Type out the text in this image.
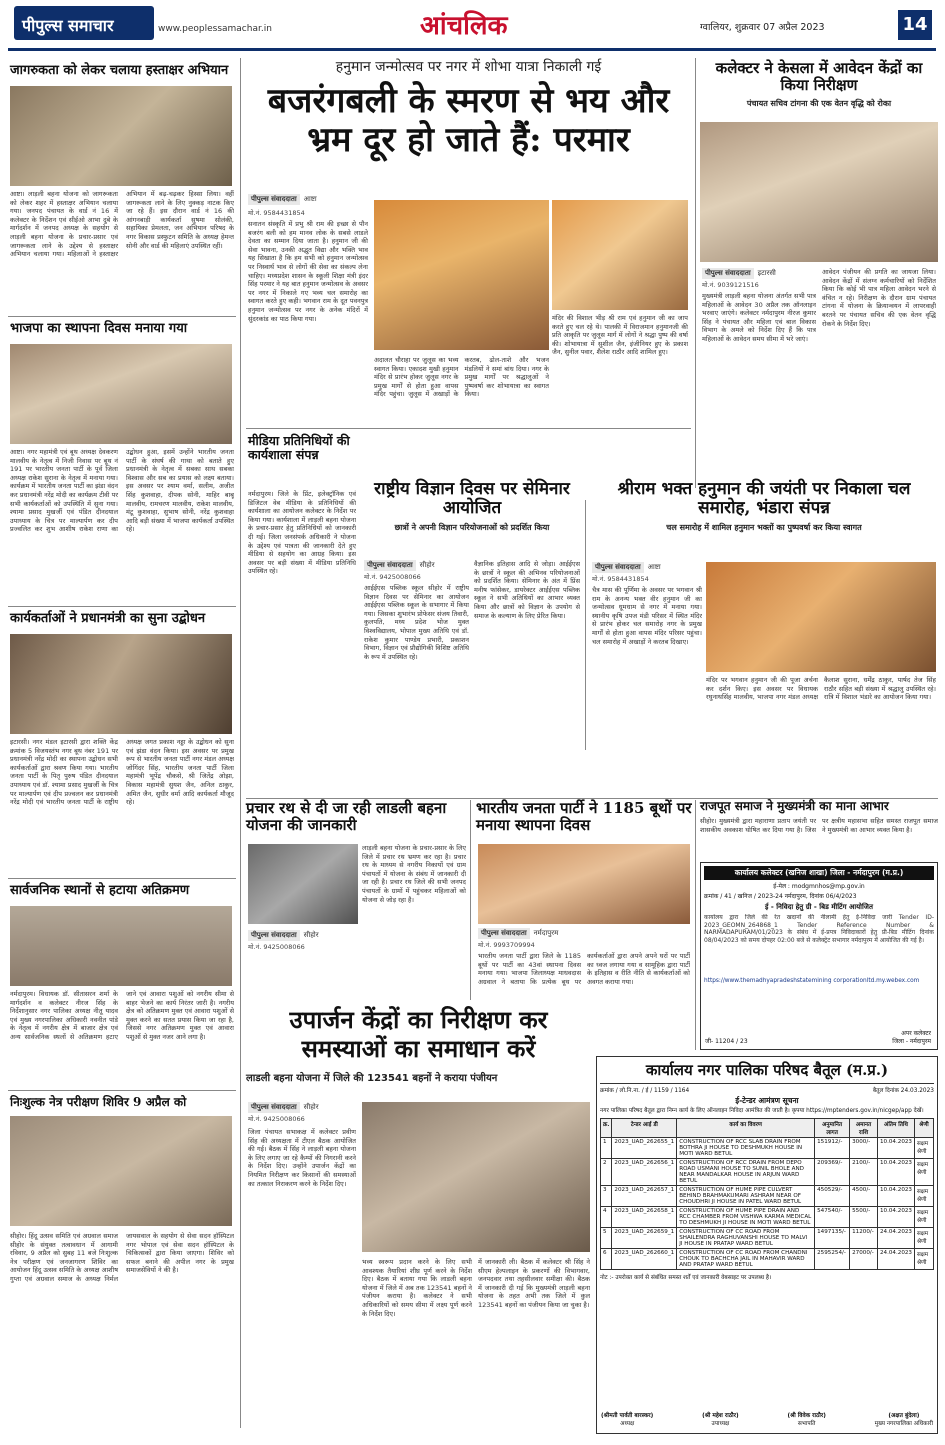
पीपुल्स समाचार	www.peoplessamachar.in	आंचलिक	ग्वालियर, शुक्रवार 07 अप्रैल 2023	14
जागरुकता को लेकर चलाया हस्ताक्षर अभियान
आष्टा। लाड़ली बहना योजना को जागरूकता को लेकर शहर में हस्ताक्षर अभियान चलाया गया। जनपद पंचायत के वार्ड नं 16 में कलेक्टर के निर्देशन एवं सीईओ आभा दुबे के मार्गदर्शन में जनपद अध्यक्ष के सहयोग से लाड़ली बहना योजना के प्रचार-प्रसार एवं जागरूकता लाने के उद्देश्य से हस्ताक्षर अभियान चलाया गया। महिलाओं ने हस्ताक्षर अभियान में बढ़-चढ़कर हिस्सा लिया। वहीं जागरूकता लाने के लिए नुक्कड़ नाटक किए जा रहे हैं। इस दौरान वार्ड नं 16 की आंगनबाड़ी कार्यकर्ता सुषमा सोलंकी, सहायिका प्रेमलता, जन अभियान परिषद के नगर विकास प्रस्फुटन समिति के अध्यक्ष हेमन्त सोनी और वार्ड की महिलाएं उपस्थित रहीं।
भाजपा का स्थापना दिवस मनाया गया
आष्टा। नगर महामंत्री एवं बूथ अध्यक्ष देवकरण मालवीय के नेतृत्व में निजी निवास पर बूथ नं 191 पर भारतीय जनता पार्टी के पूर्व जिला अध्यक्ष राकेश सुराना के नेतृत्व में मनाया गया। कार्यक्रम में भारतीय जनता पार्टी का झंडा वंदन कर प्रधानमंत्री नरेंद्र मोदी का कार्यक्रम टीवी पर सभी कार्यकर्ताओं को उपस्थिति में सुना गया। श्यामा प्रसाद मुखर्जी एवं पंडित दीनदयाल उपाध्याय के चित्र पर माल्यार्पण कर दीप प्रज्वलित कर शुभ आशीष राकेश राणा का उद्बोधन हुआ, इसमें उन्होंने भारतीय जनता पार्टी के संघर्ष की गाथा को बताते हुए प्रधानमंत्री के नेतृत्व में सबका साथ सबका विश्वास और सब का प्रयास को लक्ष्य बताया। इस अवसर पर श्याम वर्मा, सलीम, अजीत सिंह कुशवाहा, दीपक सोनी, माहिर बाबू मालवीय, रामचरण मालवीय, राकेश मालवीय, मंटू कुशवाहा, सुभाष सोनी, नरेंद्र कुशवाहा आदि बड़ी संख्या में भाजपा कार्यकर्ता उपस्थित रहे।
कार्यकर्ताओं ने प्रधानमंत्री का सुना उद्बोधन
इटारसी। नगर मंडल इटारसी द्वारा शक्ति केंद्र क्रमांक 5 विजयस्तंभ नगर बूथ नंबर 191 पर प्रधानमंत्री नरेंद्र मोदी का स्थापना उद्बोधन सभी कार्यकर्ताओं द्वारा श्रवण किया गया। भारतीय जनता पार्टी के पितृ पुरुष पंडित दीनदयाल उपाध्याय एवं डॉ. श्यामा प्रसाद मुखर्जी के चित्र पर माल्यार्पण एवं दीप प्रज्वलन कर प्रधानमंत्री नरेंद्र मोदी एवं भारतीय जनता पार्टी के राष्ट्रीय अध्यक्ष जगत प्रकाश नड्डा के उद्बोधन को सुना एवं झंडा वंदन किया। इस अवसर पर प्रमुख रूप से भारतीय जनता पार्टी नगर मंडल अध्यक्ष जोगिंदर सिंह, भारतीय जनता पार्टी जिला महामंत्री भूपेंद्र चौकसे, श्री जितेंद्र ओझा, विकास महामंत्री सुयश जैन, अनिल ठाकुर, अमित जैन, सुधीर वर्मा आदि कार्यकर्ता मौजूद रहे।
सार्वजनिक स्थानों से हटाया अतिक्रमण
नर्मदापुरम। विधायक डॉ. सीतासरन शर्मा के मार्गदर्शन व कलेक्टर नीरज सिंह के निर्देशानुसार नगर पालिका अध्यक्ष नीतू यादव एवं मुख्य नगरपालिका अधिकारी नवनीत पांडे के नेतृत्व में नगरीय क्षेत्र में बाजार क्षेत्र एवं अन्य सार्वजनिक स्थलों से अतिक्रमण हटाए जाने एवं आवारा पशुओं को नगरीय सीमा से बाहर भेजने का कार्य निरंतर जारी है। नगरीय क्षेत्र को अतिक्रमण मुक्त एवं आवारा पशुओं से मुक्त करने का सतत प्रयास किया जा रहा है, जिससे नगर अतिक्रमण मुक्त एवं आवारा पशुओं से मुक्त नजर आने लगा है।
निःशुल्क नेत्र परीक्षण शिविर 9 अप्रैल को
सीहोर। हिंदू उत्सव समिति एवं अग्रवाल समाज सीहोर के संयुक्त तत्वावधान में आगामी रविवार, 9 अप्रैल को सुबह 11 बजे निःशुल्क नेत्र परीक्षण एवं जनजागरण शिविर का आयोजन हिंदू उत्सव समिति के अध्यक्ष आशीष गुप्ता एवं अग्रवाल समाज के अध्यक्ष निर्मल जायसवाल के सहयोग से सेवा सदन हॉस्पिटल नगर भोपाल एवं सेवा सदन हॉस्पिटल के चिकित्सकों द्वारा किया जाएगा। शिविर को सफल बनाने की अपील नगर के प्रमुख समाजसेवियों ने की है।
हनुमान जन्मोत्सव पर नगर में शोभा यात्रा निकाली गई
बजरंगबली के स्मरण से भय और भ्रम दूर हो जाते हैं: परमार
पीपुल्स संवाददाता	आष्टा
मो.नं. 9584431854
सनातन संस्कृति में प्रभु श्री राम की इच्छा से पौन बजरंग बली को हम मानव लोक के सबसे लाडले देवता का सम्मान दिया जाता है। हनुमान जी की सेवा भावना, उनकी अद्भुत विद्या और भक्ति भाव यह सिखाता है कि हम सभी को हनुमान जन्मोत्सव पर निस्वार्थ भाव से लोगों की सेवा का संकल्प लेना चाहिए। मध्यप्रदेश शासन के स्कूली शिक्षा मंत्री इंदर सिंह परमार ने यह बात हनुमान जन्मोत्सव के अवसर पर नगर में निकाले गए भव्य चल समारोह का स्वागत करते हुए कही। भगवान राम के दूत पवनपुत्र हनुमान जन्मोत्सव पर नगर के अनेक मंदिरों में सुंदरकांड का पाठ किया गया।
अदालत चौराहा पर जुलूस का भव्य स्वागत किया। एकादश मुखी हनुमान मंदिर से प्रारंभ होकर जुलूस नगर के प्रमुख मार्गों से होता हुआ वापस मंदिर पहुंचा। जुलूस में अखाड़ों के करतब, ढोल-ताशे और भजन मंडलियों ने समां बांध दिया। नगर के प्रमुख मार्गों पर श्रद्धालुओं ने पुष्पवर्षा कर शोभायात्रा का स्वागत किया।
मंदिर की विशाल भीड़ श्री राम एवं हनुमान जी का जाप करते हुए चल रहे थे। पालकी में विराजमान हनुमानजी की प्रति आकृति पर जुलूस मार्ग में लोगों ने श्रद्धा पुष्प की वर्षा की। शोभायात्रा में सुशील जैन, इंजीनियर हुए के प्रकाश जैन, सुनील पवार, शैलेश राठौर आदि शामिल हुए।
मीडिया प्रतिनिधियों की कार्यशाला संपन्न
नर्मदापुरम। जिले के प्रिंट, इलेक्ट्रॉनिक एवं डिजिटल वेब मीडिया के प्रतिनिधियों की कार्यशाला का आयोजन कलेक्टर के निर्देश पर किया गया। कार्यशाला में लाड़ली बहना योजना के प्रचार-प्रसार हेतु प्रतिनिधियों को जानकारी दी गई। जिला जनसंपर्क अधिकारी ने योजना के उद्देश्य एवं पात्रता की जानकारी देते हुए मीडिया से सहयोग का आग्रह किया। इस अवसर पर बड़ी संख्या में मीडिया प्रतिनिधि उपस्थित रहे।
राष्ट्रीय विज्ञान दिवस पर सेमिनार आयोजित
छात्रों ने अपनी विज्ञान परियोजनाओं को प्रदर्शित किया
पीपुल्स संवाददाता	सीहोर
मो.नं. 9425008066
आईईएस पब्लिक स्कूल सीहोर में राष्ट्रीय विज्ञान दिवस पर सेमिनार का आयोजन आईईएस पब्लिक स्कूल के सभागार में किया गया। जिसका शुभारंभ प्रोफेसर संजय तिवारी, कुलपति, मध्य प्रदेश भोज मुक्त विश्वविद्यालय, भोपाल मुख्य अतिथि एवं डॉ. राकेश कुमार पाण्डेय प्रभारी, प्रकाशन विभाग, विज्ञान एवं प्रौद्योगिकी विशिष्ट अतिथि के रूप में उपस्थित रहे।
वैज्ञानिक इतिहास आदि से जोड़ा। आईईएस के छात्रों ने स्कूल की अभिनव परियोजनाओं को प्रदर्शित किया। सेमिनार के अंत में प्रिंस मनीष फांसेकर, डायरेक्टर आईईएस पब्लिक स्कूल ने सभी अतिथियों का आभार व्यक्त किया और छात्रों को विज्ञान के उपयोग से समाज के कल्याण के लिए प्रेरित किया।
श्रीराम भक्त हनुमान की जयंती पर निकाला चल समारोह, भंडारा संपन्न
चल समारोह में शामिल हनुमान भक्तों का पुष्पवर्षा कर किया स्वागत
पीपुल्स संवाददाता	आष्टा
मो.नं. 9584431854
चैत्र मास की पूर्णिमा के अवसर पर भगवान श्री राम के अनन्य भक्त वीर हनुमान जी का जन्मोत्सव धूमधाम से नगर में मनाया गया। स्थानीय कृषि उपज मंडी परिसर में स्थित मंदिर से प्रारंभ होकर चल समारोह नगर के प्रमुख मार्गों से होता हुआ वापस मंदिर परिसर पहुंचा। चल समारोह में अखाड़ों ने करतब दिखाए।
मंदिर पर भगवान हनुमान जी की पूजा अर्चना कर दर्शन किए। इस अवसर पर विधायक रघुनाथसिंह मालवीय, भाजपा नगर मंडल अध्यक्ष कैलाश सुराना, धर्मेंद्र ठाकुर, पार्षद तेज सिंह राठौर सहित बड़ी संख्या में श्रद्धालु उपस्थित रहे। रात्रि में विशाल भंडारे का आयोजन किया गया।
कलेक्टर ने केसला में आवेदन केंद्रों का किया निरीक्षण
पंचायत सचिव टांगना की एक वेतन वृद्धि को रोका
पीपुल्स संवाददाता	इटारसी
मो.नं. 9039121516
मुख्यमंत्री लाड़ली बहना योजना अंतर्गत सभी पात्र महिलाओं के आवेदन 30 अप्रैल तक ऑनलाइन भरवाए जाएंगे। कलेक्टर नर्मदापुरम नीरज कुमार सिंह ने पंचायत और महिला एवं बाल विकास विभाग के अमले को निर्देश दिए हैं कि पात्र महिलाओं के आवेदन समय सीमा में भरे जाएं।
आवेदन पंजीयन की प्रगति का जायजा लिया। आवेदन केंद्रों में संलग्न कर्मचारियों को निर्देशित किया कि कोई भी पात्र महिला आवेदन भरने से वंचित न रहे। निरीक्षण के दौरान ग्राम पंचायत टांगना में योजना के क्रियान्वयन में लापरवाही बरतने पर पंचायत सचिव की एक वेतन वृद्धि रोकने के निर्देश दिए।
प्रचार रथ से दी जा रही लाडली बहना योजना की जानकारी
पीपुल्स संवाददाता	सीहोर
मो.नं. 9425008066
लाड़ली बहना योजना के प्रचार-प्रसार के लिए जिले में प्रचार रथ भ्रमण कर रहा है। प्रचार रथ के माध्यम से नगरीय निकायों एवं ग्राम पंचायतों में योजना के संबंध में जानकारी दी जा रही है। प्रचार रथ जिले की सभी जनपद पंचायतों के ग्रामों में पहुंचकर महिलाओं को योजना से जोड़ रहा है।
भारतीय जनता पार्टी ने 1185 बूथों पर मनाया स्थापना दिवस
पीपुल्स संवाददाता	नर्मदापुरम
मो.नं. 9993709994
भारतीय जनता पार्टी द्वारा जिले के 1185 बूथों पर पार्टी का 43वां स्थापना दिवस मनाया गया। भाजपा जिलाध्यक्ष माधवदास अग्रवाल ने बताया कि प्रत्येक बूथ पर कार्यकर्ताओं द्वारा अपने अपने घरों पर पार्टी का ध्वज लगाया गया व सामूहिक द्वारा पार्टी के इतिहास व रीति नीति से कार्यकर्ताओं को अवगत कराया गया।
राजपूत समाज ने मुख्यमंत्री का माना आभार
सीहोर। मुख्यमंत्री द्वारा महाराणा प्रताप जयंती पर शासकीय अवकाश घोषित कर दिया गया है। जिस पर क्षत्रीय महासभा सहित समस्त राजपूत समाज ने मुख्यमंत्री का आभार व्यक्त किया है।
कार्यालय कलेक्टर (खनिज शाखा) जिला - नर्मदापुरम (म.प्र.)
ई-मेल : modgmnhos@mp.gov.in
क्रमांक / 41 / खनिज / 2023-24 नर्मदापुरम, दिनांक 06/4/2023
ई - निविदा हेतु ग्री - बिड मीटिंग आयोजित
कार्यालय द्वारा जिले की रेत खदानों की नीलामी हेतु ई-निविदा जारी Tender ID- 2023_GEOMN_264868_1 Tender Reference Number & NARMADAPURAM/01/2023 के संबंध में ई-प्रपत्र निविदाकारों हेतु प्री-बिड मीटिंग दिनांक 08/04/2023 को समय दोपहर 02:00 बजे से कलेक्ट्रेट सभागार नर्मदापुरम में आयोजित की गई है।
https://www.themadhyapradeshstatemining corporationltd.my.webex.com
जी- 11204 / 23
अपर कलेक्टर
जिला - नर्मदापुरम
उपार्जन केंद्रों का निरीक्षण कर समस्याओं का समाधान करें
लाडली बहना योजना में जिले की 123541 बहनों ने कराया पंजीयन
पीपुल्स संवाददाता	सीहोर
मो.नं. 9425008066
जिला पंचायत सभाकक्ष में कलेक्टर प्रवीण सिंह की अध्यक्षता में टीएल बैठक आयोजित की गई। बैठक में सिंह ने लाड़ली बहना योजना के लिए लगाए जा रहे कैम्पों की निगरानी करने के निर्देश दिए। उन्होंने उपार्जन केंद्रों का नियमित निरीक्षण कर किसानों की समस्याओं का तत्काल निराकरण करने के निर्देश दिए।
भव्य स्वरूप प्रदान करने के लिए सभी आवश्यक तैयारियां शीघ्र पूर्ण करने के निर्देश दिए। बैठक में बताया गया कि लाडली बहना योजना में जिले में अब तक 123541 बहनों ने पंजीयन कराया है। कलेक्टर ने सभी अधिकारियों को समय सीमा में लक्ष्य पूर्ण करने के निर्देश दिए।
में जानकारी ली। बैठक में कलेक्टर श्री सिंह ने सीएम हेल्पलाइन के प्रकरणों की विभागवार, जनपदवार तथा तहसीलवार समीक्षा की। बैठक में जानकारी दी गई कि मुख्यमंत्री लाड़ली बहना योजना के तहत अभी तक जिले में कुल 123541 बहनों का पंजीयन किया जा चुका है।
कार्यालय नगर पालिका परिषद बैतूल (म.प्र.)
क्रमांक / लो.नि.ना. / ई / 1159 / 1164	बैतूल दिनांक 24.03.2023
ई-टेन्डर आमंत्रण सूचना
नगर पालिका परिषद बैतूल द्वारा निम्न कार्य के लिए ऑनलाइन निविदा आमंत्रित की जाती है। कृपया https://mptenders.gov.in/nicgep/app देखें।
क्र.	टेन्डर आई डी	कार्य का विवरण	अनुमानित लागत	अमानत राशि	अंतिम तिथि	श्रेणी
1	2023_UAD_262655_1	CONSTRUCTION OF RCC SLAB DRAIN FROM BOTHRA JI HOUSE TO DESHMUKH HOUSE IN MOTI WARD BETUL	151912/-	3000/-	10.04.2023	सक्षम श्रेणी
2	2023_UAD_262656_1	CONSTRUCTION OF RCC DRAIN FROM DEPO ROAD USMANI HOUSE TO SUNIL BHOLE AND NEAR MANDALKAR HOUSE IN ARJUN WARD BETUL	209369/-	2100/-	10.04.2023	सक्षम श्रेणी
3	2023_UAD_262657_1	CONSTRUCTION OF HUME PIPE CULVERT BEHIND BRAHMAKUMARI ASHRAM NEAR OF CHOUDHRI JI HOUSE IN PATEL WARD BETUL	450529/-	4500/-	10.04.2023	सक्षम श्रेणी
4	2023_UAD_262658_1	CONSTRUCTION OF HUME PIPE DRAIN AND RCC CHAMBER FROM VISHWA KARMA MEDICAL TO DESHMUKH JI HOUSE IN MOTI WARD BETUL	547540/-	5500/-	10.04.2023	सक्षम श्रेणी
5	2023_UAD_262659_1	CONSTRUCTION OF CC ROAD FROM SHAILENDRA RAGHUVANSHI HOUSE TO MALVI JI HOUSE IN PRATAP WARD BETUL	1497135/-	11200/-	24.04.2023	सक्षम श्रेणी
6	2023_UAD_262660_1	CONSTRUCTION OF CC ROAD FROM CHANDNI CHOUK TO BACHCHA JAIL IN MAHAVIR WARD AND PRATAP WARD BETUL	2595254/-	27000/-	24.04.2023	सक्षम श्रेणी
नोट :- उपरोक्त कार्य से संबंधित समस्त शर्तें एवं जानकारी वेबसाइट पर उपलब्ध है।
(श्रीमती पार्वती बारस्कर)
अध्यक्ष
(श्री महेश राठौर)
उपाध्यक्ष
(श्री विवेक राठौर)
सभापति
(अक्षत बुंदेला)
मुख्य नगरपालिका अधिकारी
